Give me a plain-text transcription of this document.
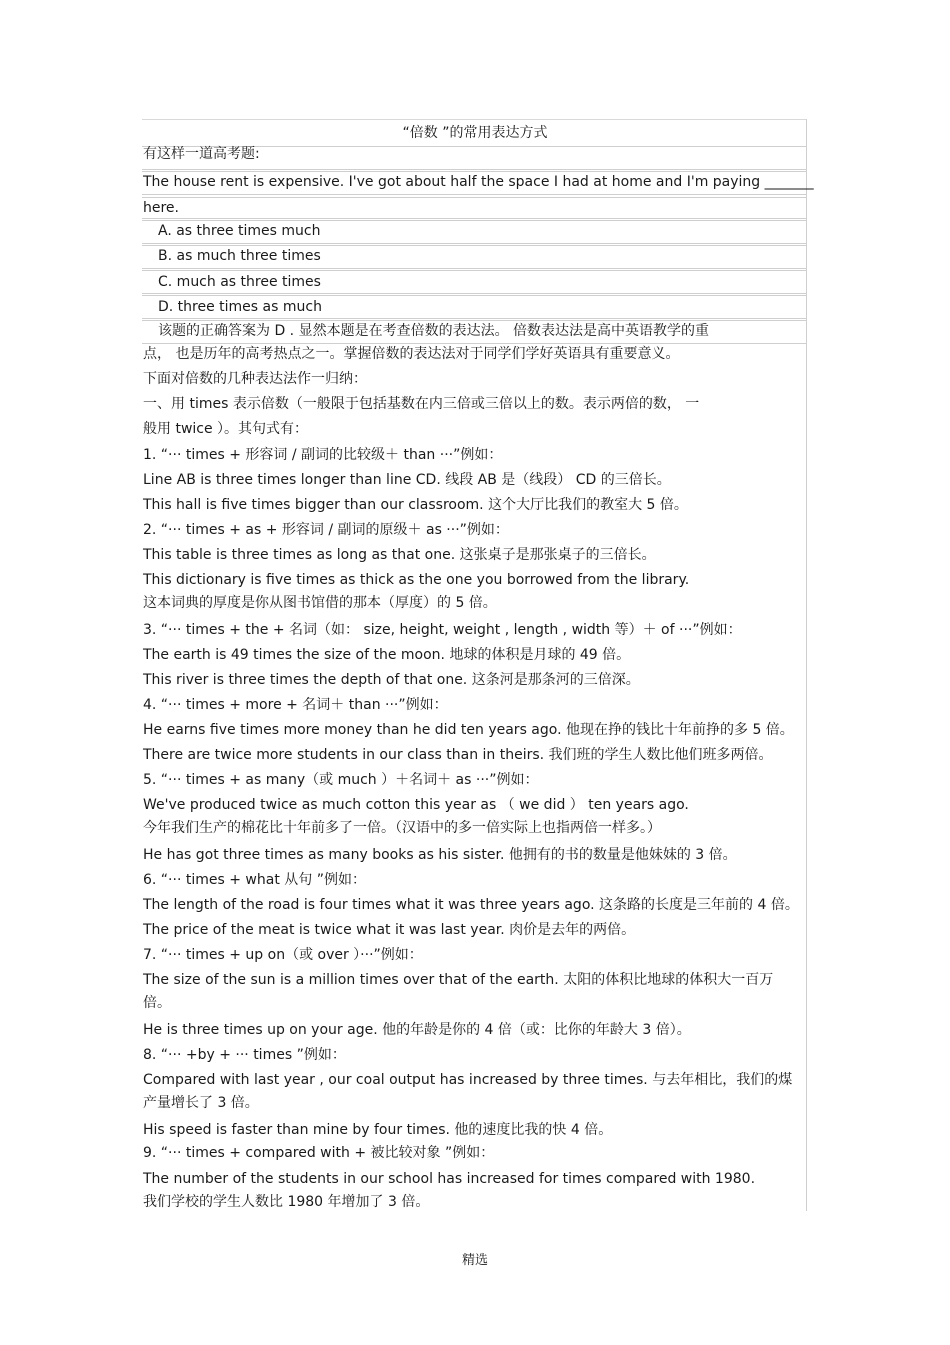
“倍数 ”的常用表达方式
有这样一道高考题:
The house rent is expensive. I've got about half the space I had at home and I'm paying _______
here.
A. as three times much
B. as much three times
C. much as three times
D. three times as much
该题的正确答案为 D . 显然本题是在考查倍数的表达法。 倍数表达法是高中英语教学的重
点， 也是历年的高考热点之一。掌握倍数的表达法对于同学们学好英语具有重要意义。
下面对倍数的几种表达法作一归纳：
一、用 times 表示倍数（一般限于包括基数在内三倍或三倍以上的数。表示两倍的数， 一
般用 twice ）。其句式有：
1. “··· times + 形容词 / 副词的比较级＋ than ···”例如：
Line AB is three times longer than line CD. 线段 AB 是（线段） CD 的三倍长。
This hall is five times bigger than our classroom. 这个大厅比我们的教室大 5 倍。
2. “··· times + as + 形容词 / 副词的原级＋ as ···”例如：
This table is three times as long as that one. 这张桌子是那张桌子的三倍长。
This dictionary is five times as thick as the one you borrowed from the library.
这本词典的厚度是你从图书馆借的那本（厚度）的 5 倍。
3. “··· times + the + 名词（如： size, height, weight , length , width 等）＋ of ···”例如：
The earth is 49 times the size of the moon. 地球的体积是月球的 49 倍。
This river is three times the depth of that one. 这条河是那条河的三倍深。
4. “··· times + more + 名词＋ than ···”例如：
He earns five times more money than he did ten years ago. 他现在挣的钱比十年前挣的多 5 倍。
There are twice more students in our class than in theirs. 我们班的学生人数比他们班多两倍。
5. “··· times + as many（或 much ）＋名词＋ as ···”例如：
We've produced twice as much cotton this year as （ we did ） ten years ago.
今年我们生产的棉花比十年前多了一倍。（汉语中的多一倍实际上也指两倍一样多。）
He has got three times as many books as his sister. 他拥有的书的数量是他妹妹的 3 倍。
6. “··· times + what 从句 ”例如：
The length of the road is four times what it was three years ago. 这条路的长度是三年前的 4 倍。
The price of the meat is twice what it was last year. 肉价是去年的两倍。
7. “··· times + up on（或 over ）···”例如：
The size of the sun is a million times over that of the earth. 太阳的体积比地球的体积大一百万
倍。
He is three times up on your age. 他的年龄是你的 4 倍（或：比你的年龄大 3 倍）。
8. “··· +by + ··· times ”例如：
Compared with last year , our coal output has increased by three times. 与去年相比，我们的煤
产量增长了 3 倍。
His speed is faster than mine by four times. 他的速度比我的快 4 倍。
9. “··· times + compared with + 被比较对象 ”例如：
The number of the students in our school has increased for times compared with 1980.
我们学校的学生人数比 1980 年增加了 3 倍。
精选
